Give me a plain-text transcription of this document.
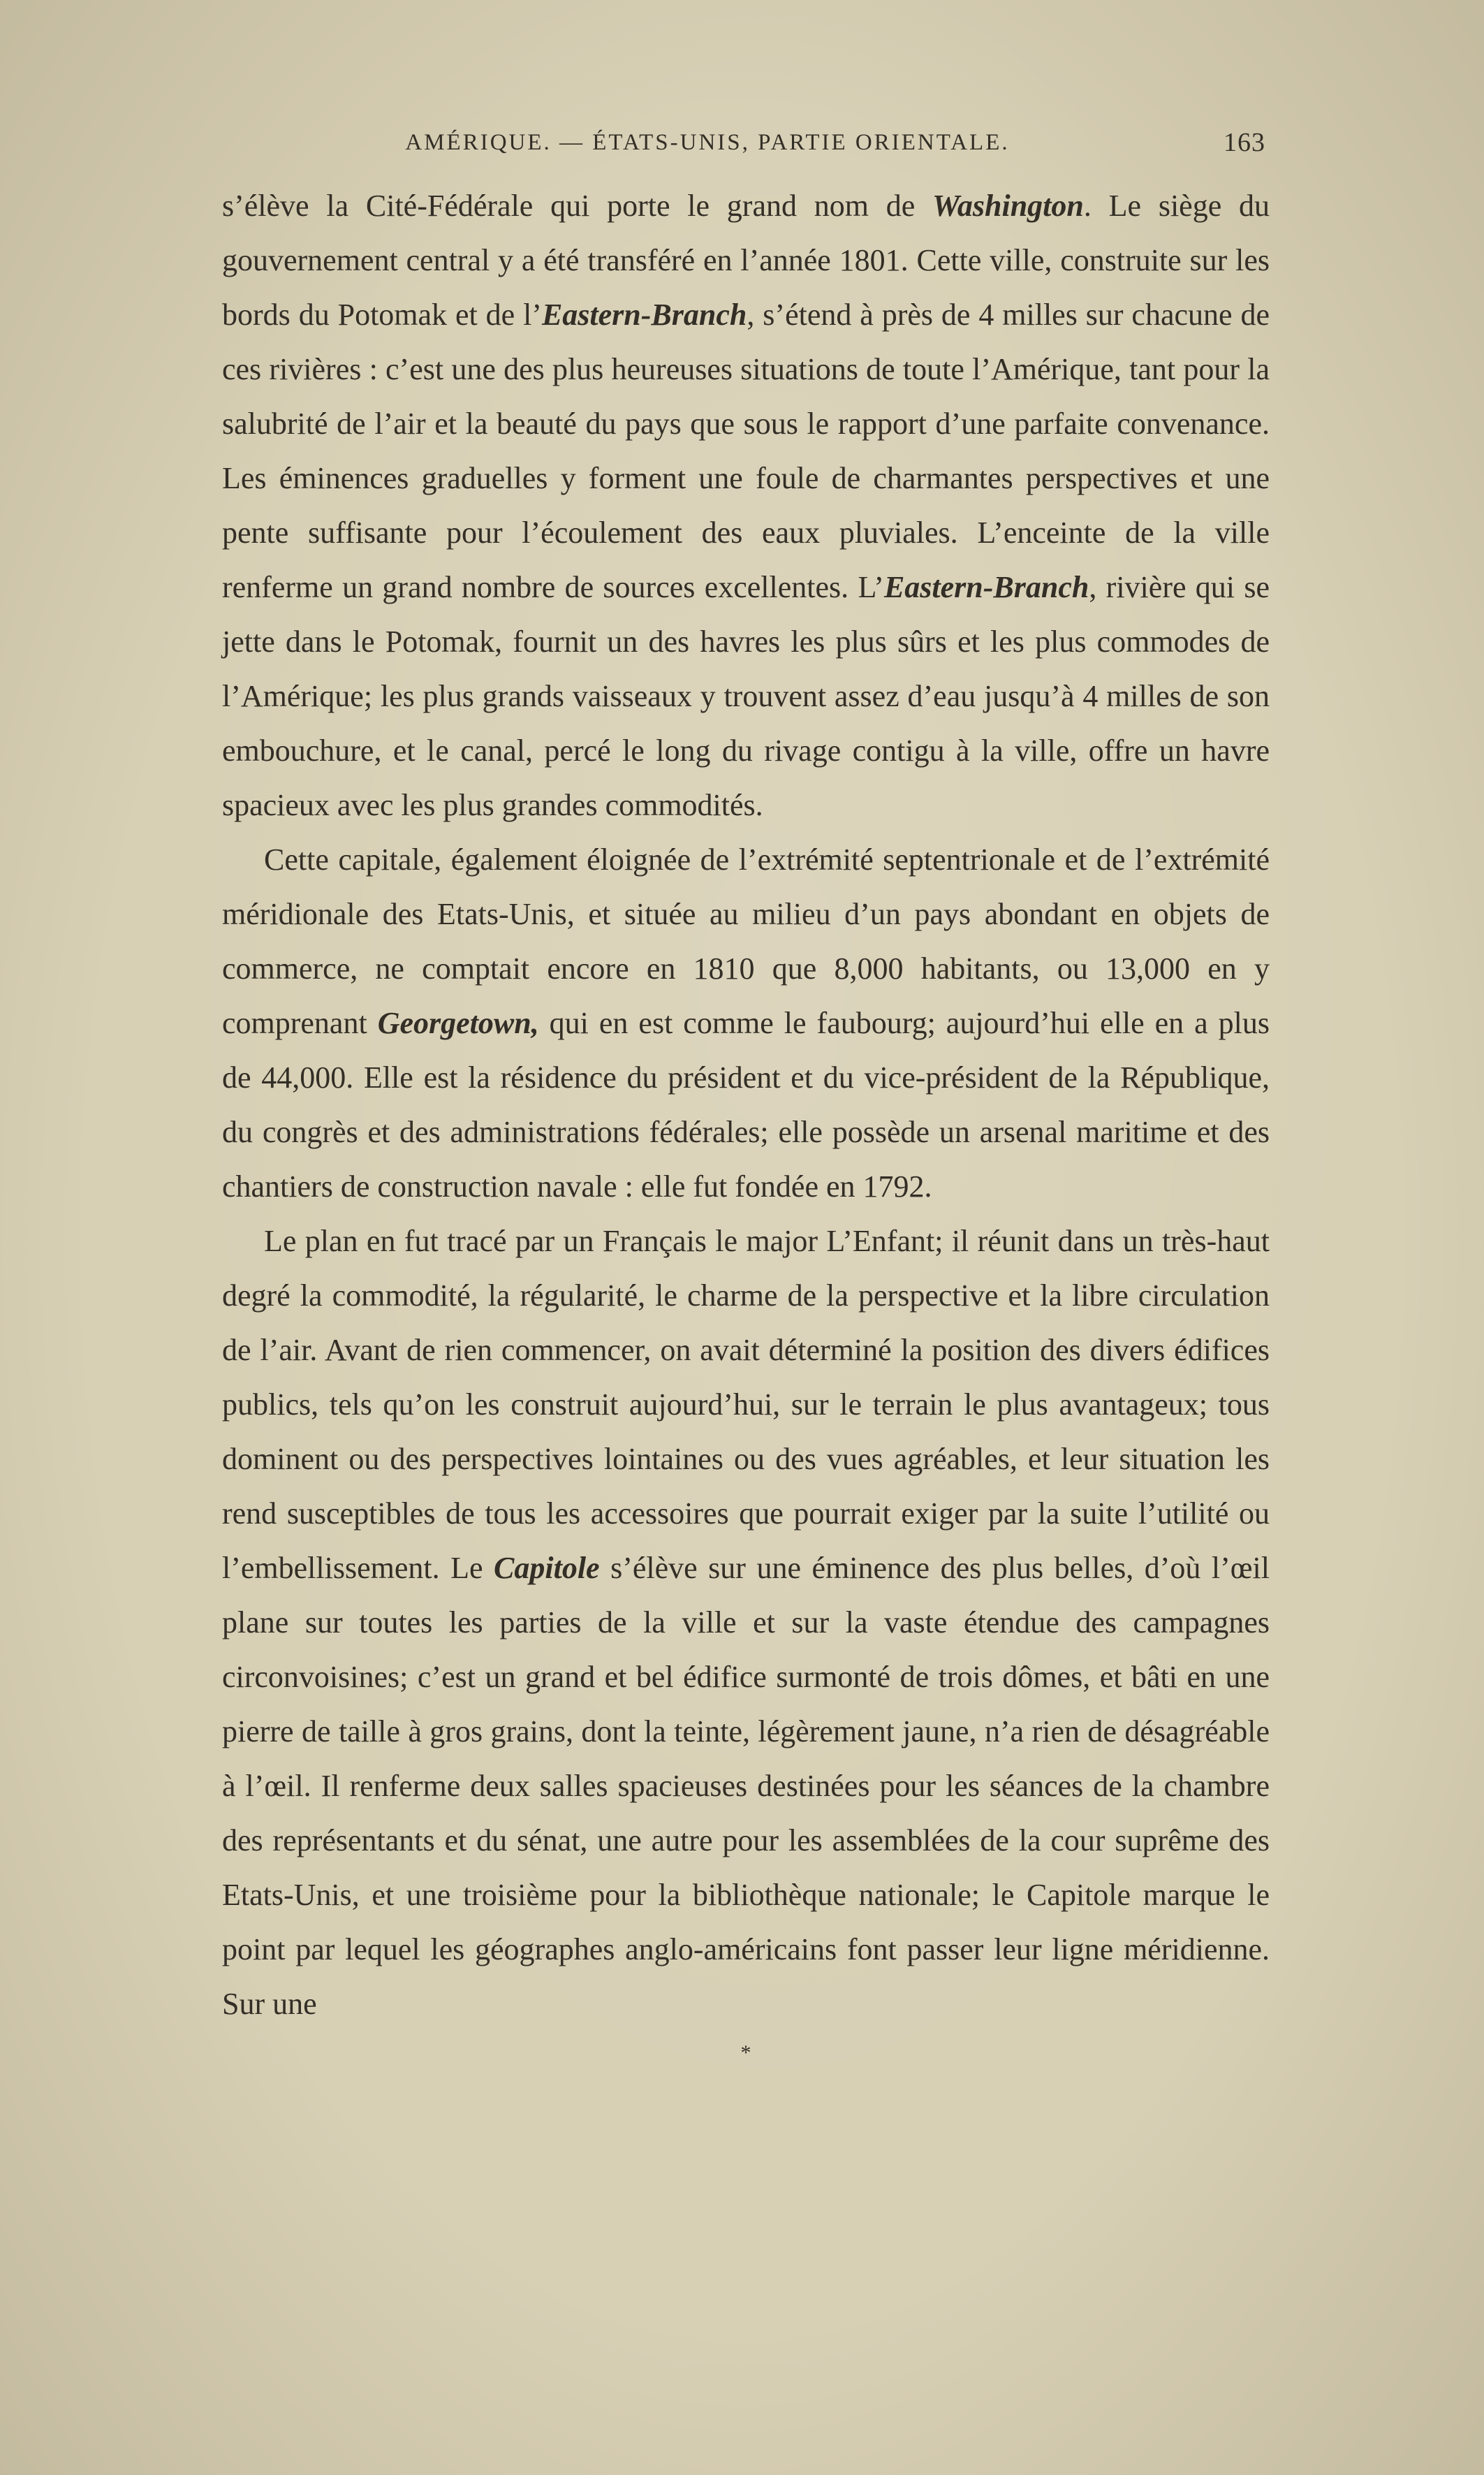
AMÉRIQUE. — ÉTATS-UNIS, PARTIE ORIENTALE.	163

s’élève la Cité-Fédérale qui porte le grand nom de Washington. Le siège du gouvernement central y a été transféré en l’année 1801. Cette ville, construite sur les bords du Potomak et de l’Eastern-Branch, s’étend à près de 4 milles sur chacune de ces rivières : c’est une des plus heureuses situations de toute l’Amérique, tant pour la salubrité de l’air et la beauté du pays que sous le rapport d’une parfaite convenance. Les éminences graduelles y forment une foule de charmantes perspectives et une pente suffisante pour l’écoulement des eaux pluviales. L’enceinte de la ville renferme un grand nombre de sources excellentes. L’Eastern-Branch, rivière qui se jette dans le Potomak, fournit un des havres les plus sûrs et les plus commodes de l’Amérique; les plus grands vaisseaux y trouvent assez d’eau jusqu’à 4 milles de son embouchure, et le canal, percé le long du rivage contigu à la ville, offre un havre spacieux avec les plus grandes commodités.

Cette capitale, également éloignée de l’extrémité septentrionale et de l’extrémité méridionale des Etats-Unis, et située au milieu d’un pays abondant en objets de commerce, ne comptait encore en 1810 que 8,000 habitants, ou 13,000 en y comprenant Georgetown, qui en est comme le faubourg; aujourd’hui elle en a plus de 44,000. Elle est la résidence du président et du vice-président de la République, du congrès et des administrations fédérales; elle possède un arsenal maritime et des chantiers de construction navale : elle fut fondée en 1792.

Le plan en fut tracé par un Français le major L’Enfant; il réunit dans un très-haut degré la commodité, la régularité, le charme de la perspective et la libre circulation de l’air. Avant de rien commencer, on avait déterminé la position des divers édifices publics, tels qu’on les construit aujourd’hui, sur le terrain le plus avantageux; tous dominent ou des perspectives lointaines ou des vues agréables, et leur situation les rend susceptibles de tous les accessoires que pourrait exiger par la suite l’utilité ou l’embellissement. Le Capitole s’élève sur une éminence des plus belles, d’où l’œil plane sur toutes les parties de la ville et sur la vaste étendue des campagnes circonvoisines; c’est un grand et bel édifice surmonté de trois dômes, et bâti en une pierre de taille à gros grains, dont la teinte, légèrement jaune, n’a rien de désagréable à l’œil. Il renferme deux salles spacieuses destinées pour les séances de la chambre des représentants et du sénat, une autre pour les assemblées de la cour suprême des Etats-Unis, et une troisième pour la bibliothèque nationale; le Capitole marque le point par lequel les géographes anglo-américains font passer leur ligne méridienne. Sur une

*
